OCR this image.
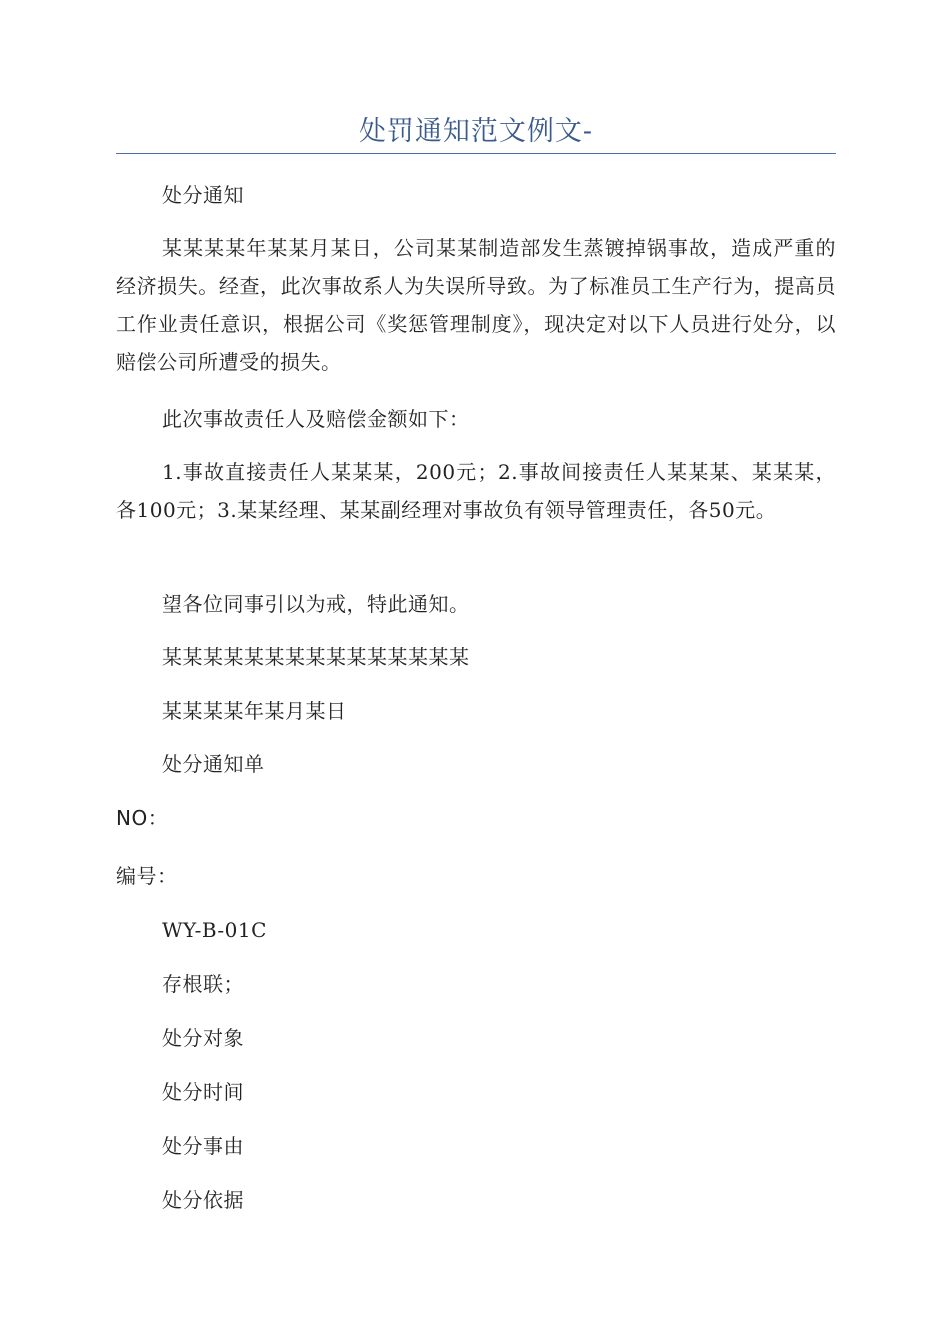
处罚通知范文例文-
处分通知

某某某某年某某月某日，公司某某制造部发生蒸镀掉锅事故，造成严重的经济损失。经查，此次事故系人为失误所导致。为了标准员工生产行为，提高员工作业责任意识，根据公司《奖惩管理制度》，现决定对以下人员进行处分，以赔偿公司所遭受的损失。

此次事故责任人及赔偿金额如下：

1.事故直接责任人某某某，200元；2.事故间接责任人某某某、某某某，各100元；3.某某经理、某某副经理对事故负有领导管理责任，各50元。

望各位同事引以为戒，特此通知。
某某某某某某某某某某某某某某某
某某某某年某月某日
处分通知单
NO：
编号：
WY-B-01C
存根联；
处分对象
处分时间
处分事由
处分依据
